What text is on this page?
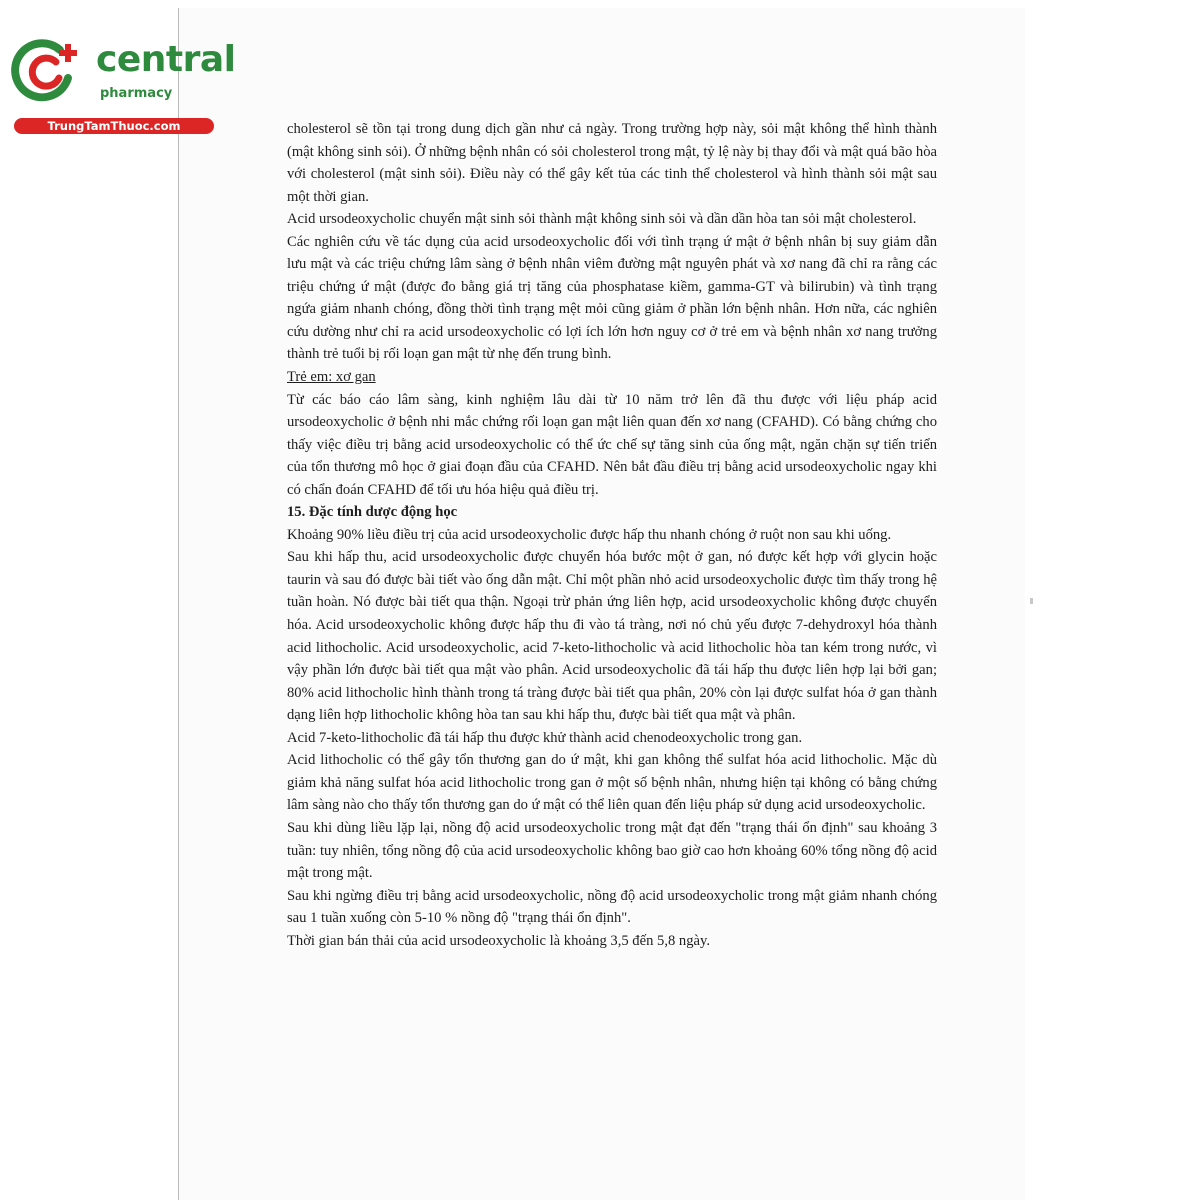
central
pharmacy
TrungTamThuoc.com	cholesterol sẽ tồn tại trong dung dịch gần như cả ngày. Trong trường hợp này, sỏi mật không thể hình thành (mật không sinh sỏi). Ở những bệnh nhân có sỏi cholesterol trong mật, tỷ lệ này bị thay đổi và mật quá bão hòa với cholesterol (mật sinh sỏi). Điều này có thể gây kết tủa các tinh thể cholesterol và hình thành sỏi mật sau một thời gian.

Acid ursodeoxycholic chuyển mật sinh sỏi thành mật không sinh sỏi và dần dần hòa tan sỏi mật cholesterol.

Các nghiên cứu về tác dụng của acid ursodeoxycholic đối với tình trạng ứ mật ở bệnh nhân bị suy giảm dẫn lưu mật và các triệu chứng lâm sàng ở bệnh nhân viêm đường mật nguyên phát và xơ nang đã chỉ ra rằng các triệu chứng ứ mật (được đo bằng giá trị tăng của phosphatase kiềm, gamma-GT và bilirubin) và tình trạng ngứa giảm nhanh chóng, đồng thời tình trạng mệt mỏi cũng giảm ở phần lớn bệnh nhân. Hơn nữa, các nghiên cứu dường như chỉ ra acid ursodeoxycholic có lợi ích lớn hơn nguy cơ ở trẻ em và bệnh nhân xơ nang trưởng thành trẻ tuổi bị rối loạn gan mật từ nhẹ đến trung bình.

Trẻ em: xơ gan

Từ các báo cáo lâm sàng, kinh nghiệm lâu dài từ 10 năm trở lên đã thu được với liệu pháp acid ursodeoxycholic ở bệnh nhi mắc chứng rối loạn gan mật liên quan đến xơ nang (CFAHD). Có bằng chứng cho thấy việc điều trị bằng acid ursodeoxycholic có thể ức chế sự tăng sinh của ống mật, ngăn chặn sự tiến triển của tổn thương mô học ở giai đoạn đầu của CFAHD. Nên bắt đầu điều trị bằng acid ursodeoxycholic ngay khi có chẩn đoán CFAHD để tối ưu hóa hiệu quả điều trị.

15. Đặc tính dược động học

Khoảng 90% liều điều trị của acid ursodeoxycholic được hấp thu nhanh chóng ở ruột non sau khi uống.

Sau khi hấp thu, acid ursodeoxycholic được chuyển hóa bước một ở gan, nó được kết hợp với glycin hoặc taurin và sau đó được bài tiết vào ống dẫn mật. Chỉ một phần nhỏ acid ursodeoxycholic được tìm thấy trong hệ tuần hoàn. Nó được bài tiết qua thận. Ngoại trừ phản ứng liên hợp, acid ursodeoxycholic không được chuyển hóa. Acid ursodeoxycholic không được hấp thu đi vào tá tràng, nơi nó chủ yếu được 7-dehydroxyl hóa thành acid lithocholic. Acid ursodeoxycholic, acid 7-keto-lithocholic và acid lithocholic hòa tan kém trong nước, vì vậy phần lớn được bài tiết qua mật vào phân. Acid ursodeoxycholic đã tái hấp thu được liên hợp lại bởi gan; 80% acid lithocholic hình thành trong tá tràng được bài tiết qua phân, 20% còn lại được sulfat hóa ở gan thành dạng liên hợp lithocholic không hòa tan sau khi hấp thu, được bài tiết qua mật và phân.

Acid 7-keto-lithocholic đã tái hấp thu được khử thành acid chenodeoxycholic trong gan.

Acid lithocholic có thể gây tổn thương gan do ứ mật, khi gan không thể sulfat hóa acid lithocholic. Mặc dù giảm khả năng sulfat hóa acid lithocholic trong gan ở một số bệnh nhân, nhưng hiện tại không có bằng chứng lâm sàng nào cho thấy tổn thương gan do ứ mật có thể liên quan đến liệu pháp sử dụng acid ursodeoxycholic.

Sau khi dùng liều lặp lại, nồng độ acid ursodeoxycholic trong mật đạt đến "trạng thái ổn định" sau khoảng 3 tuần: tuy nhiên, tổng nồng độ của acid ursodeoxycholic không bao giờ cao hơn khoảng 60% tổng nồng độ acid mật trong mật.

Sau khi ngừng điều trị bằng acid ursodeoxycholic, nồng độ acid ursodeoxycholic trong mật giảm nhanh chóng sau 1 tuần xuống còn 5-10 % nồng độ "trạng thái ổn định".

Thời gian bán thải của acid ursodeoxycholic là khoảng 3,5 đến 5,8 ngày.
